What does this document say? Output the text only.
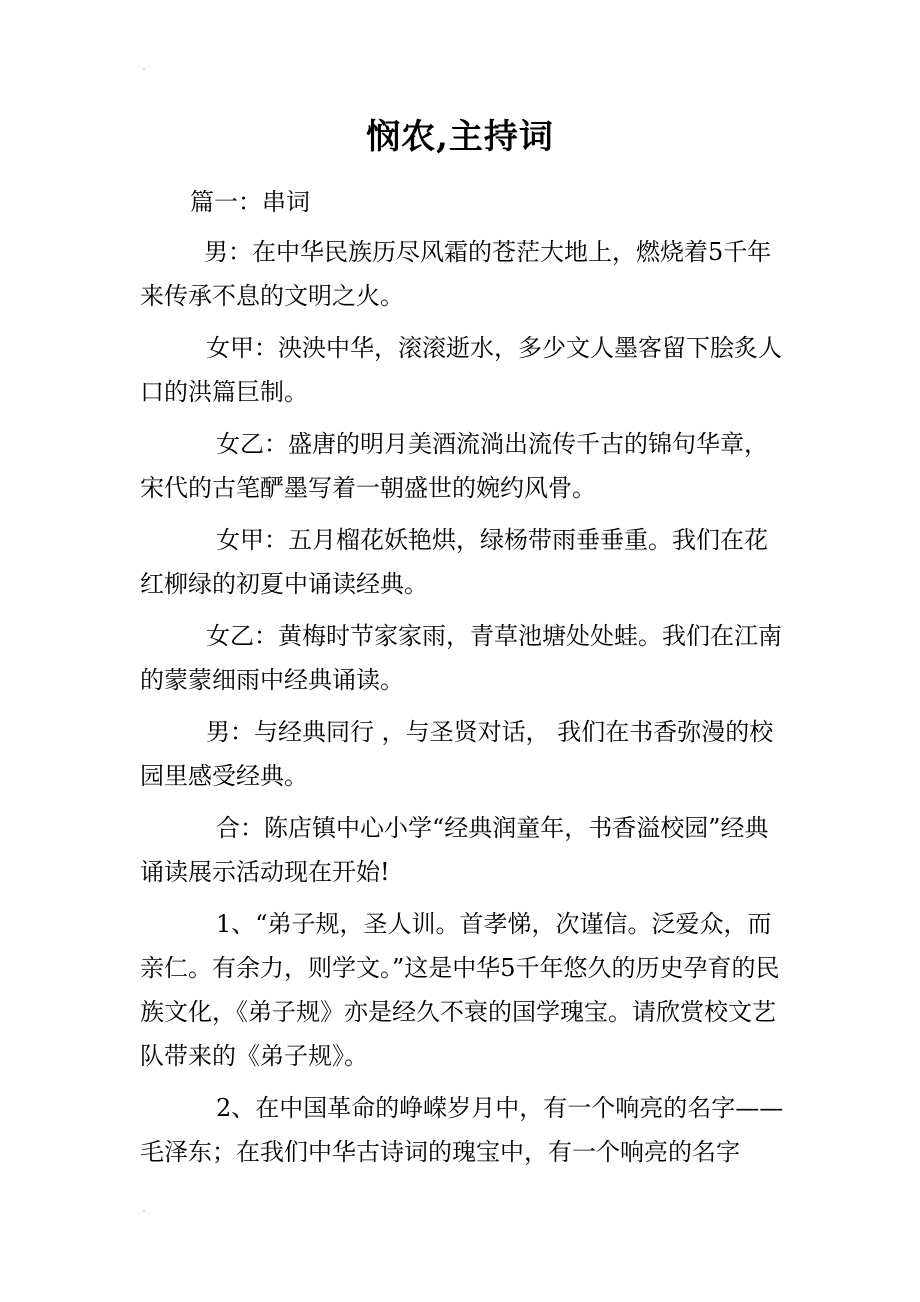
悯农,主持词

篇一：串词

男：在中华民族历尽风霜的苍茫大地上，燃烧着5千年来传承不息的文明之火。

女甲：泱泱中华，滚滚逝水，多少文人墨客留下脍炙人口的洪篇巨制。

女乙：盛唐的明月美酒流淌出流传千古的锦句华章，宋代的古笔酽墨写着一朝盛世的婉约风骨。

女甲：五月榴花妖艳烘，绿杨带雨垂垂重。我们在花红柳绿的初夏中诵读经典。

女乙：黄梅时节家家雨，青草池塘处处蛙。我们在江南的蒙蒙细雨中经典诵读。

男：与经典同行 ，与圣贤对话， 我们在书香弥漫的校园里感受经典。

合：陈店镇中心小学“经典润童年，书香溢校园”经典诵读展示活动现在开始!

1、“弟子规，圣人训。首孝悌，次谨信。泛爱众，而亲仁。有余力，则学文。”这是中华5千年悠久的历史孕育的民族文化，《弟子规》亦是经久不衰的国学瑰宝。请欣赏校文艺队带来的《弟子规》。

2、在中国革命的峥嵘岁月中，有一个响亮的名字——毛泽东；在我们中华古诗词的瑰宝中，有一个响亮的名字
